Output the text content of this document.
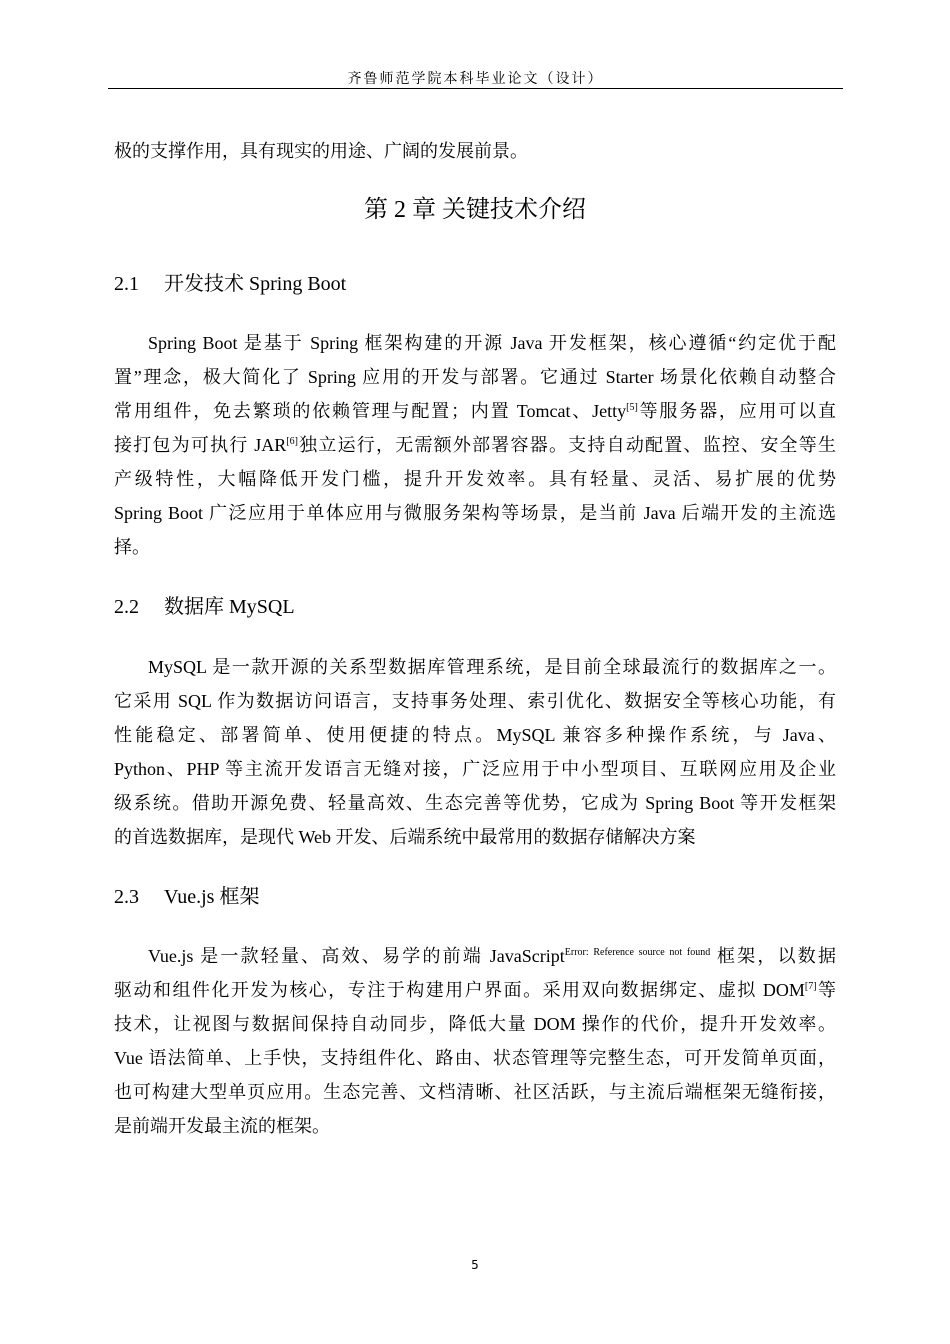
齐鲁师范学院本科毕业论文（设计）
极的支撑作用，具有现实的用途、广阔的发展前景。
第 2 章 关键技术介绍
2.1 开发技术 Spring Boot
Spring Boot 是基于 Spring 框架构建的开源 Java 开发框架，核心遵循“约定优于配
置”理念，极大简化了 Spring 应用的开发与部署。它通过 Starter 场景化依赖自动整合
常用组件，免去繁琐的依赖管理与配置；内置 Tomcat、Jetty[5]等服务器，应用可以直
接打包为可执行 JAR[6]独立运行，无需额外部署容器。支持自动配置、监控、安全等生
产级特性，大幅降低开发门槛，提升开发效率。具有轻量、灵活、易扩展的优势
Spring Boot 广泛应用于单体应用与微服务架构等场景，是当前 Java 后端开发的主流选
择。
2.2 数据库 MySQL
MySQL 是一款开源的关系型数据库管理系统，是目前全球最流行的数据库之一。
它采用 SQL 作为数据访问语言，支持事务处理、索引优化、数据安全等核心功能，有
性能稳定、部署简单、使用便捷的特点。MySQL 兼容多种操作系统，与 Java、
Python、PHP 等主流开发语言无缝对接，广泛应用于中小型项目、互联网应用及企业
级系统。借助开源免费、轻量高效、生态完善等优势，它成为 Spring Boot 等开发框架
的首选数据库，是现代 Web 开发、后端系统中最常用的数据存储解决方案
2.3 Vue.js 框架
Vue.js 是一款轻量、高效、易学的前端 JavaScript$^{Error: Reference source not found}$ 框架，以数据
驱动和组件化开发为核心，专注于构建用户界面。采用双向数据绑定、虚拟 DOM[7]等
技术，让视图与数据间保持自动同步，降低大量 DOM 操作的代价，提升开发效率。
Vue 语法简单、上手快，支持组件化、路由、状态管理等完整生态，可开发简单页面，
也可构建大型单页应用。生态完善、文档清晰、社区活跃，与主流后端框架无缝衔接，
是前端开发最主流的框架。
5
